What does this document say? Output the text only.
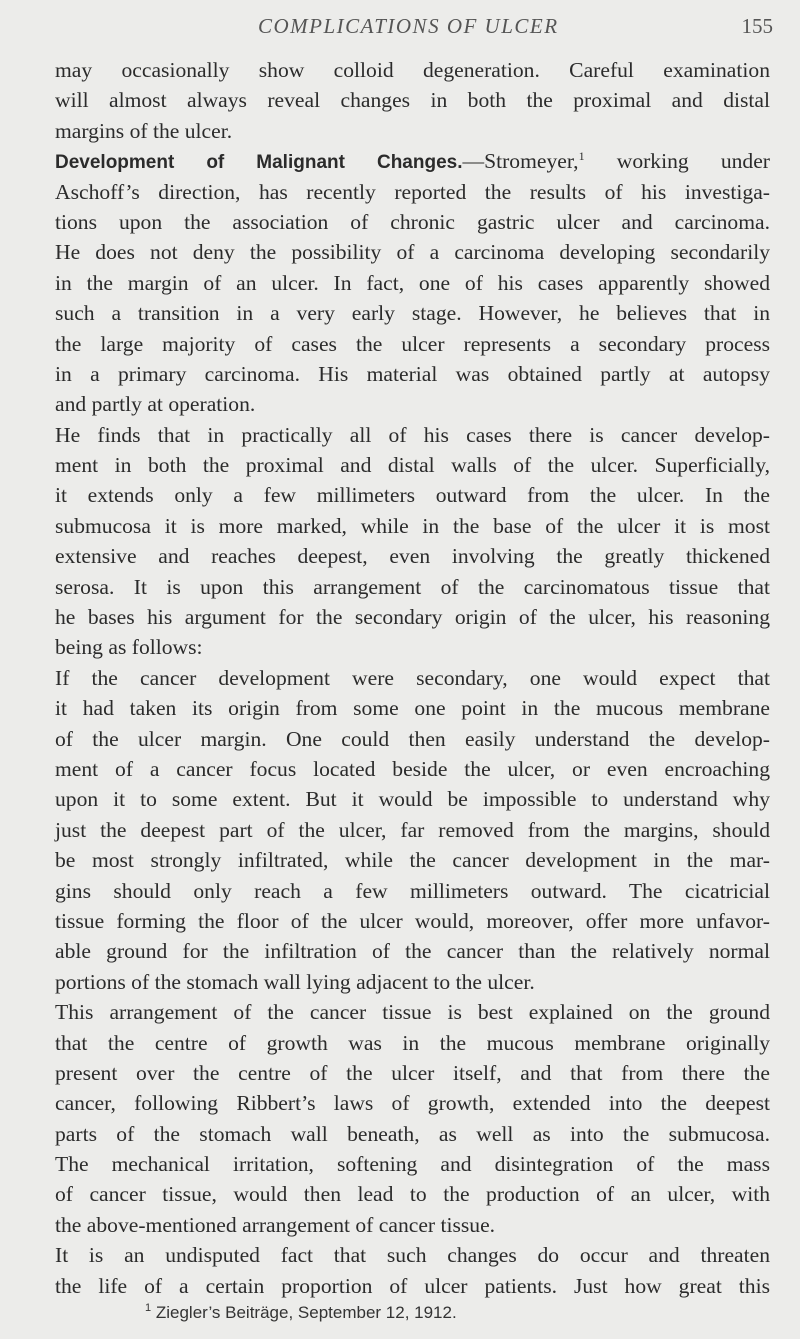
COMPLICATIONS OF ULCER	155
may occasionally show colloid degeneration. Careful examination
will almost always reveal changes in both the proximal and distal
margins of the ulcer.
Development of Malignant Changes.—Stromeyer,$^1$ working under
Aschoff’s direction, has recently reported the results of his investiga-
tions upon the association of chronic gastric ulcer and carcinoma.
He does not deny the possibility of a carcinoma developing secondarily
in the margin of an ulcer. In fact, one of his cases apparently showed
such a transition in a very early stage. However, he believes that in
the large majority of cases the ulcer represents a secondary process
in a primary carcinoma. His material was obtained partly at autopsy
and partly at operation.
He finds that in practically all of his cases there is cancer develop-
ment in both the proximal and distal walls of the ulcer. Superficially,
it extends only a few millimeters outward from the ulcer. In the
submucosa it is more marked, while in the base of the ulcer it is most
extensive and reaches deepest, even involving the greatly thickened
serosa. It is upon this arrangement of the carcinomatous tissue that
he bases his argument for the secondary origin of the ulcer, his reasoning
being as follows:
If the cancer development were secondary, one would expect that
it had taken its origin from some one point in the mucous membrane
of the ulcer margin. One could then easily understand the develop-
ment of a cancer focus located beside the ulcer, or even encroaching
upon it to some extent. But it would be impossible to understand why
just the deepest part of the ulcer, far removed from the margins, should
be most strongly infiltrated, while the cancer development in the mar-
gins should only reach a few millimeters outward. The cicatricial
tissue forming the floor of the ulcer would, moreover, offer more unfavor-
able ground for the infiltration of the cancer than the relatively normal
portions of the stomach wall lying adjacent to the ulcer.
This arrangement of the cancer tissue is best explained on the ground
that the centre of growth was in the mucous membrane originally
present over the centre of the ulcer itself, and that from there the
cancer, following Ribbert’s laws of growth, extended into the deepest
parts of the stomach wall beneath, as well as into the submucosa.
The mechanical irritation, softening and disintegration of the mass
of cancer tissue, would then lead to the production of an ulcer, with
the above-mentioned arrangement of cancer tissue.
It is an undisputed fact that such changes do occur and threaten
the life of a certain proportion of ulcer patients. Just how great this
$^1$ Ziegler’s Beiträge, September 12, 1912.
